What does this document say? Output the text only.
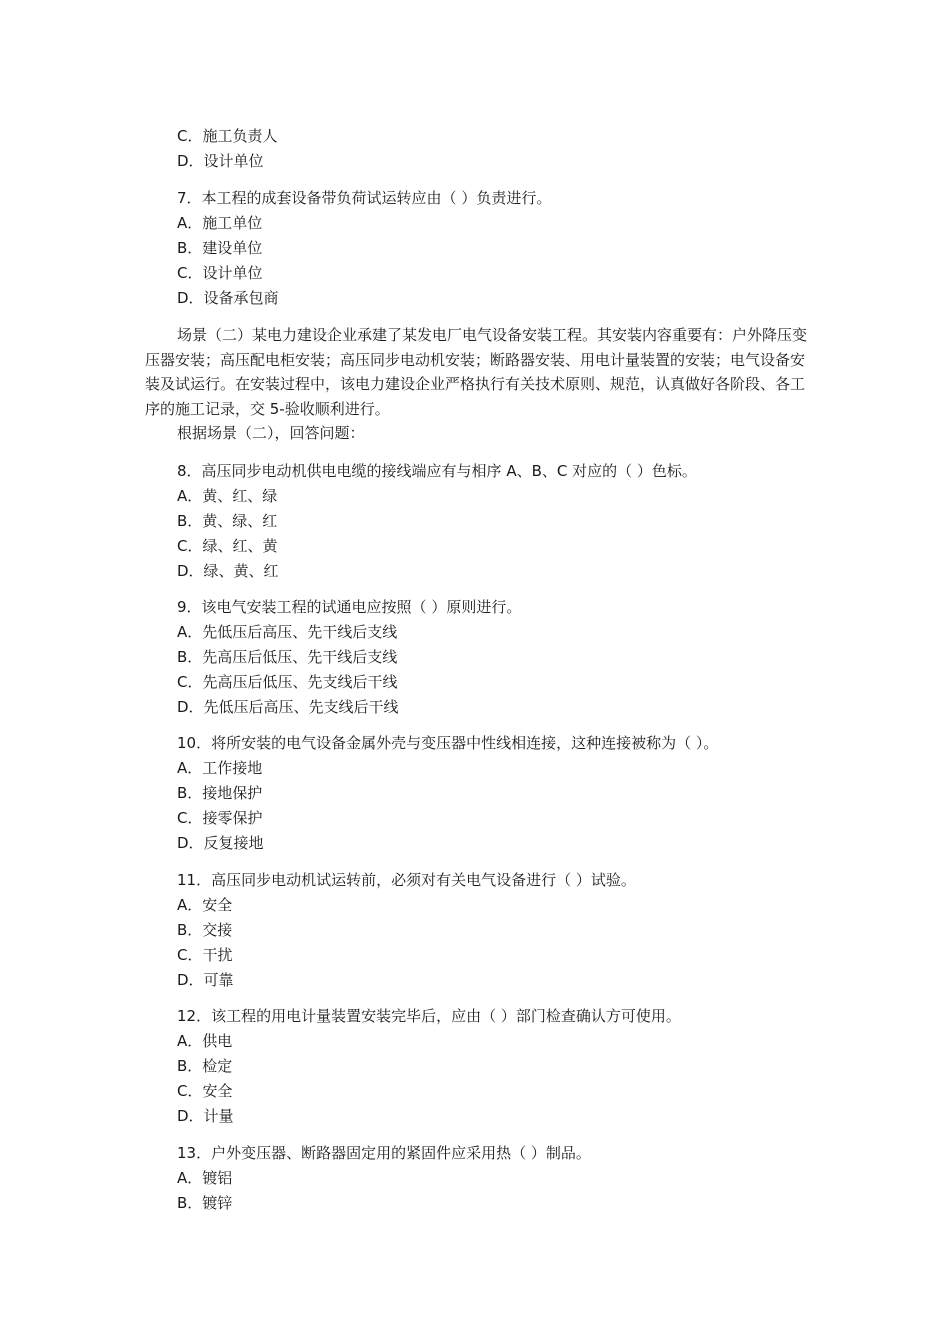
C．施工负责人
D．设计单位
7．本工程的成套设备带负荷试运转应由（ ）负责进行。
A．施工单位
B．建设单位
C．设计单位
D．设备承包商

场景（二）某电力建设企业承建了某发电厂电气设备安装工程。其安装内容重要有：户外降压变压器安装；高压配电柜安装；高压同步电动机安装；断路器安装、用电计量装置的安装；电气设备安装及试运行。在安装过程中，该电力建设企业严格执行有关技术原则、规范，认真做好各阶段、各工序的施工记录，交 5-验收顺利进行。

根据场景（二），回答问题：

8．高压同步电动机供电电缆的接线端应有与相序 A、B、C 对应的（ ）色标。
A．黄、红、绿
B．黄、绿、红
C．绿、红、黄
D．绿、黄、红
9．该电气安装工程的试通电应按照（ ）原则进行。
A．先低压后高压、先干线后支线
B．先高压后低压、先干线后支线
C．先高压后低压、先支线后干线
D．先低压后高压、先支线后干线
10．将所安装的电气设备金属外壳与变压器中性线相连接，这种连接被称为（ ）。
A．工作接地
B．接地保护
C．接零保护
D．反复接地
11．高压同步电动机试运转前，必须对有关电气设备进行（ ）试验。
A．安全
B．交接
C．干扰
D．可靠
12．该工程的用电计量装置安装完毕后，应由（ ）部门检查确认方可使用。
A．供电
B．检定
C．安全
D．计量
13．户外变压器、断路器固定用的紧固件应采用热（ ）制品。
A．镀铝
B．镀锌
